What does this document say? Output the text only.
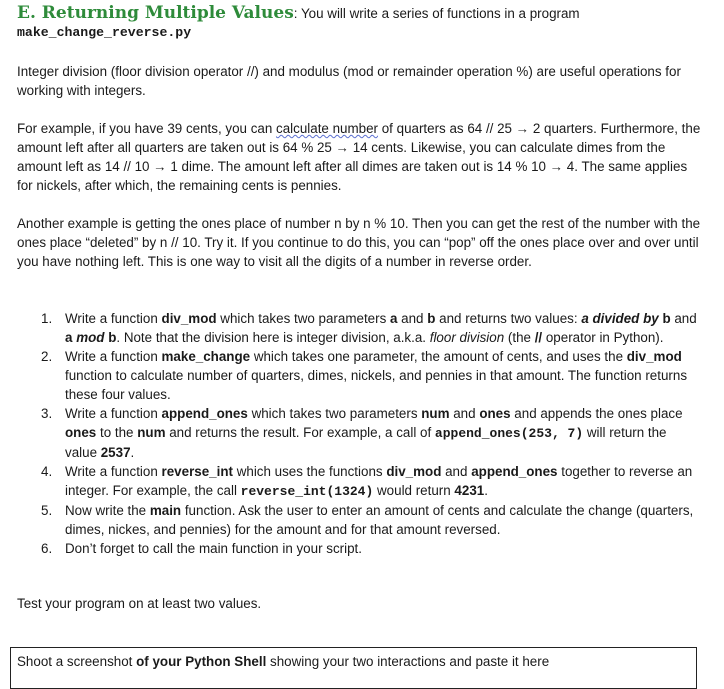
E. Returning Multiple Values: You will write a series of functions in a program
make_change_reverse.py

Integer division (floor division operator //) and modulus (mod or remainder operation %) are useful operations for working with integers.

For example, if you have 39 cents, you can calculate number of quarters as 64 // 25 → 2 quarters. Furthermore, the amount left after all quarters are taken out is 64 % 25 → 14 cents. Likewise, you can calculate dimes from the amount left as 14 // 10 → 1 dime. The amount left after all dimes are taken out is 14 % 10 → 4. The same applies for nickels, after which, the remaining cents is pennies.

Another example is getting the ones place of number n by n % 10. Then you can get the rest of the number with the ones place “deleted” by n // 10. Try it. If you continue to do this, you can “pop” off the ones place over and over until you have nothing left. This is one way to visit all the digits of a number in reverse order.

1. Write a function div_mod which takes two parameters a and b and returns two values: a divided by b and a mod b. Note that the division here is integer division, a.k.a. floor division (the // operator in Python).
2. Write a function make_change which takes one parameter, the amount of cents, and uses the div_mod function to calculate number of quarters, dimes, nickels, and pennies in that amount. The function returns these four values.
3. Write a function append_ones which takes two parameters num and ones and appends the ones place ones to the num and returns the result. For example, a call of append_ones(253, 7) will return the value 2537.
4. Write a function reverse_int which uses the functions div_mod and append_ones together to reverse an integer. For example, the call reverse_int(1324) would return 4231.
5. Now write the main function. Ask the user to enter an amount of cents and calculate the change (quarters, dimes, nickes, and pennies) for the amount and for that amount reversed.
6. Don’t forget to call the main function in your script.

Test your program on at least two values.

Shoot a screenshot of your Python Shell showing your two interactions and paste it here
